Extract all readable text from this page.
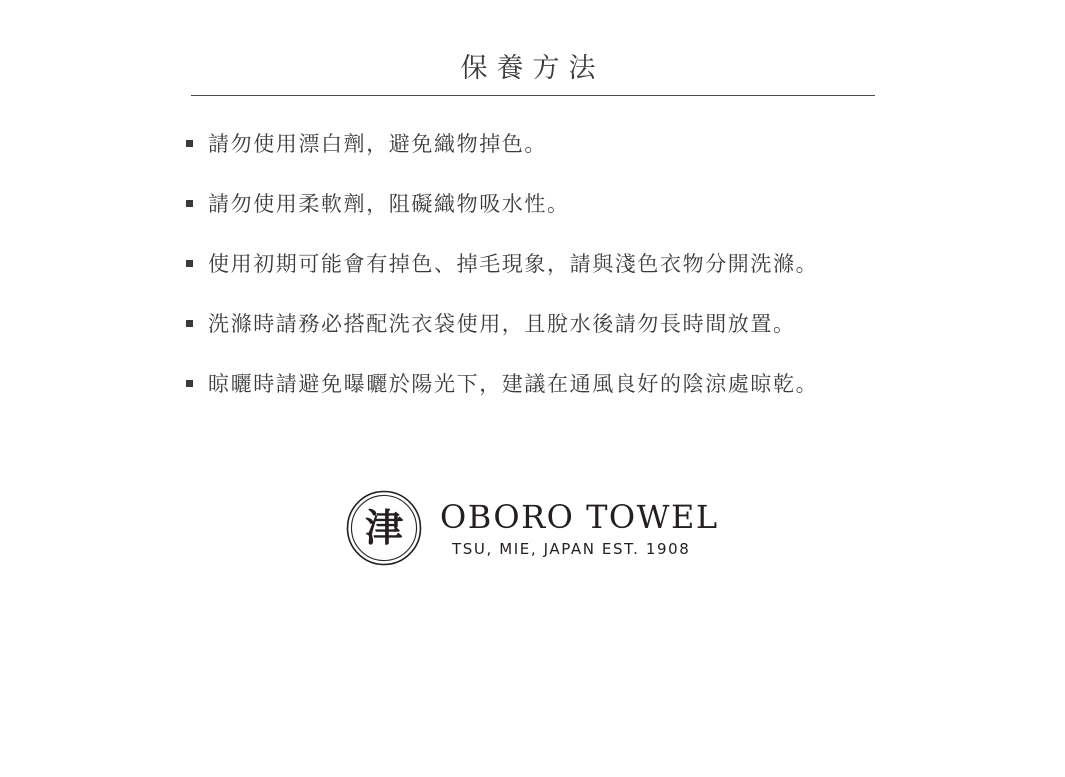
保養方法
請勿使用漂白劑，避免織物掉色。
請勿使用柔軟劑，阻礙織物吸水性。
使用初期可能會有掉色、掉毛現象，請與淺色衣物分開洗滌。
洗滌時請務必搭配洗衣袋使用，且脫水後請勿長時間放置。
晾曬時請避免曝曬於陽光下，建議在通風良好的陰涼處晾乾。
津 OBORO TOWEL
TSU, MIE, JAPAN EST. 1908
